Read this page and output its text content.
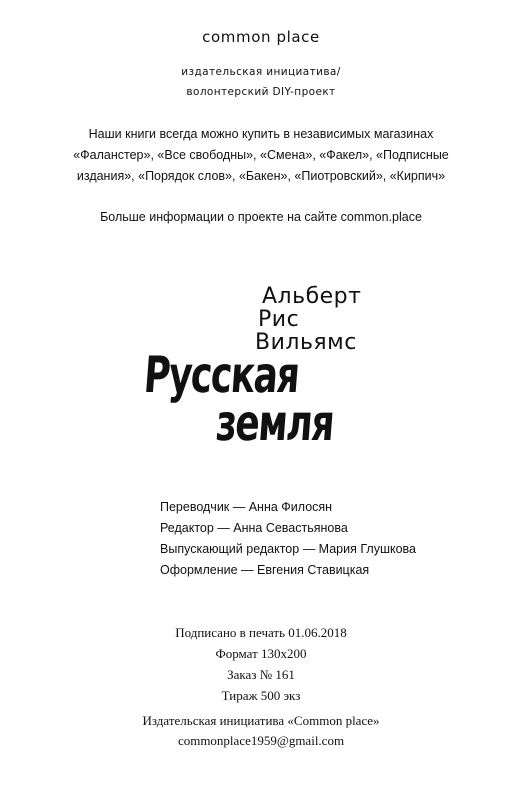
common place
издательская инициатива/
волонтерский DIY-проект
Наши книги всегда можно купить в независимых магазинах
«Фаланстер», «Все свободны», «Смена», «Факел», «Подписные
издания», «Порядок слов», «Бакен», «Пиотровский», «Кирпич»
Больше информации о проекте на сайте common.place
Альберт
Рис
Вильямс
Русская
земля
Переводчик — Анна Филосян
Редактор — Анна Севастьянова
Выпускающий редактор — Мария Глушкова
Оформление — Евгения Ставицкая
Подписано в печать 01.06.2018
Формат 130x200
Заказ № 161
Тираж 500 экз
Издательская инициатива «Common place»
commonplace1959@gmail.com
